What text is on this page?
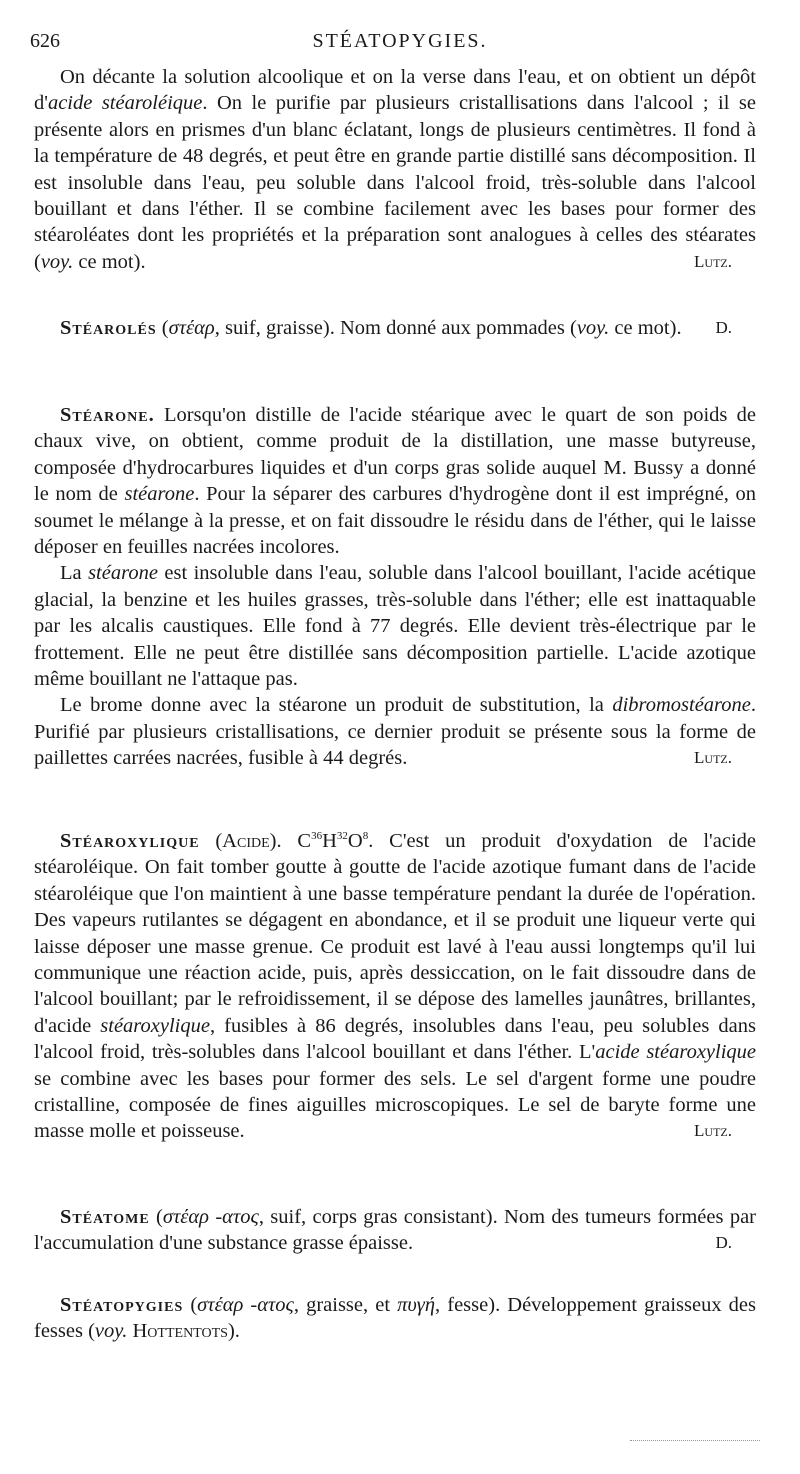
626	STÉATOPYGIES.

On décante la solution alcoolique et on la verse dans l'eau, et on obtient un dépôt d'acide stéaroléique. On le purifie par plusieurs cristallisations dans l'alcool ; il se présente alors en prismes d'un blanc éclatant, longs de plusieurs centimètres. Il fond à la température de 48 degrés, et peut être en grande partie distillé sans décomposition. Il est insoluble dans l'eau, peu soluble dans l'alcool froid, très-soluble dans l'alcool bouillant et dans l'éther. Il se combine facilement avec les bases pour former des stéaroléates dont les propriétés et la préparation sont analogues à celles des stéarates (voy. ce mot).	Lutz.

Stéarolés (στέαρ, suif, graisse). Nom donné aux pommades (voy. ce mot).	D.

Stéarone. Lorsqu'on distille de l'acide stéarique avec le quart de son poids de chaux vive, on obtient, comme produit de la distillation, une masse butyreuse, composée d'hydrocarbures liquides et d'un corps gras solide auquel M. Bussy a donné le nom de stéarone. Pour la séparer des carbures d'hydrogène dont il est imprégné, on soumet le mélange à la presse, et on fait dissoudre le résidu dans de l'éther, qui le laisse déposer en feuilles nacrées incolores.

La stéarone est insoluble dans l'eau, soluble dans l'alcool bouillant, l'acide acétique glacial, la benzine et les huiles grasses, très-soluble dans l'éther; elle est inattaquable par les alcalis caustiques. Elle fond à 77 degrés. Elle devient très-électrique par le frottement. Elle ne peut être distillée sans décomposition partielle. L'acide azotique même bouillant ne l'attaque pas.

Le brome donne avec la stéarone un produit de substitution, la dibromostéarone. Purifié par plusieurs cristallisations, ce dernier produit se présente sous la forme de paillettes carrées nacrées, fusible à 44 degrés.	Lutz.

Stéaroxylique (Acide). $C^{36}H^{32}O^8$. C'est un produit d'oxydation de l'acide stéaroléique. On fait tomber goutte à goutte de l'acide azotique fumant dans de l'acide stéaroléique que l'on maintient à une basse température pendant la durée de l'opération. Des vapeurs rutilantes se dégagent en abondance, et il se produit une liqueur verte qui laisse déposer une masse grenue. Ce produit est lavé à l'eau aussi longtemps qu'il lui communique une réaction acide, puis, après dessiccation, on le fait dissoudre dans de l'alcool bouillant; par le refroidissement, il se dépose des lamelles jaunâtres, brillantes, d'acide stéaroxylique, fusibles à 86 degrés, insolubles dans l'eau, peu solubles dans l'alcool froid, très-solubles dans l'alcool bouillant et dans l'éther. L'acide stéaroxylique se combine avec les bases pour former des sels. Le sel d'argent forme une poudre cristalline, composée de fines aiguilles microscopiques. Le sel de baryte forme une masse molle et poisseuse.	Lutz.

Stéatome (στέαρ -ατος, suif, corps gras consistant). Nom des tumeurs formées par l'accumulation d'une substance grasse épaisse.	D.

Stéatopygies (στέαρ -ατος, graisse, et πυγή, fesse). Développement graisseux des fesses (voy. Hottentots).
